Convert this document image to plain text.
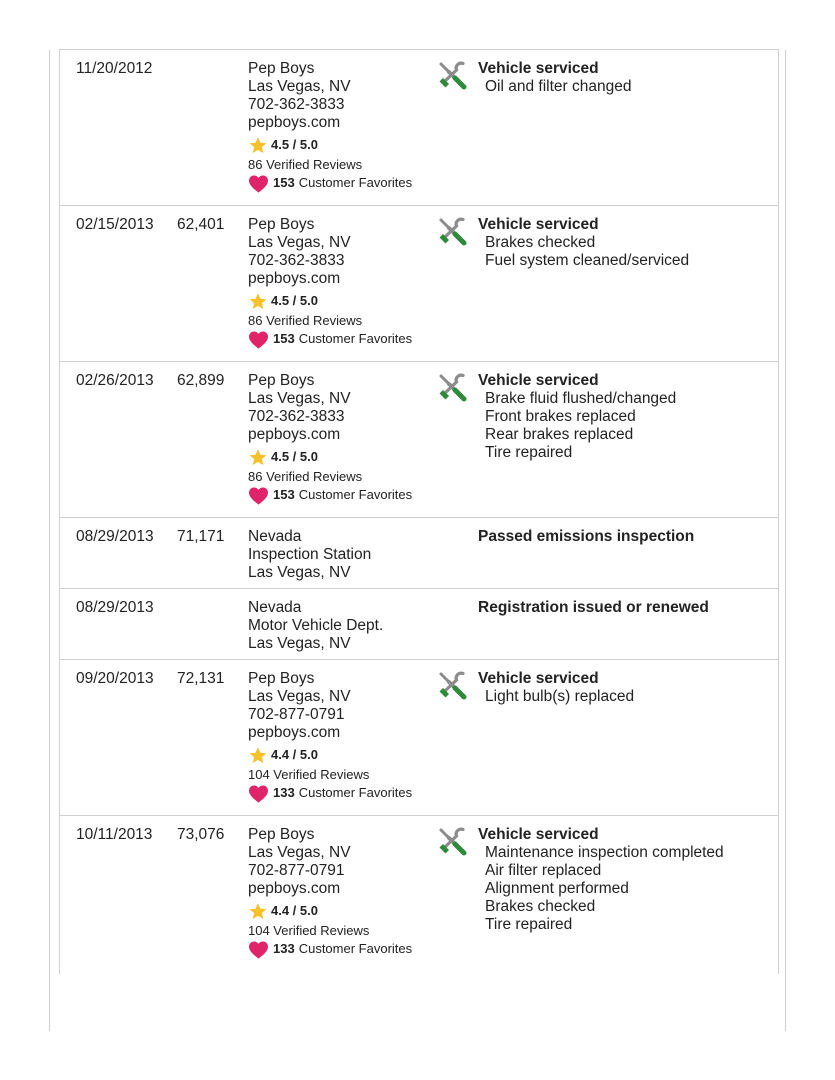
11/20/2012	Pep Boys
Las Vegas, NV
702-362-3833
pepboys.com
4.5 / 5.0
86 Verified Reviews
153 Customer Favorites
Vehicle serviced
Oil and filter changed
02/15/2013 62,401 Pep Boys
Las Vegas, NV
702-362-3833
pepboys.com
4.5 / 5.0
86 Verified Reviews
153 Customer Favorites
Vehicle serviced
Brakes checked
Fuel system cleaned/serviced
02/26/2013 62,899 Pep Boys
Las Vegas, NV
702-362-3833
pepboys.com
4.5 / 5.0
86 Verified Reviews
153 Customer Favorites
Vehicle serviced
Brake fluid flushed/changed
Front brakes replaced
Rear brakes replaced
Tire repaired
08/29/2013 71,171 Nevada
Inspection Station
Las Vegas, NV
Passed emissions inspection
08/29/2013	Nevada
Motor Vehicle Dept.
Las Vegas, NV
Registration issued or renewed
09/20/2013 72,131 Pep Boys
Las Vegas, NV
702-877-0791
pepboys.com
4.4 / 5.0
104 Verified Reviews
133 Customer Favorites
Vehicle serviced
Light bulb(s) replaced
10/11/2013 73,076 Pep Boys
Las Vegas, NV
702-877-0791
pepboys.com
4.4 / 5.0
104 Verified Reviews
133 Customer Favorites
Vehicle serviced
Maintenance inspection completed
Air filter replaced
Alignment performed
Brakes checked
Tire repaired
